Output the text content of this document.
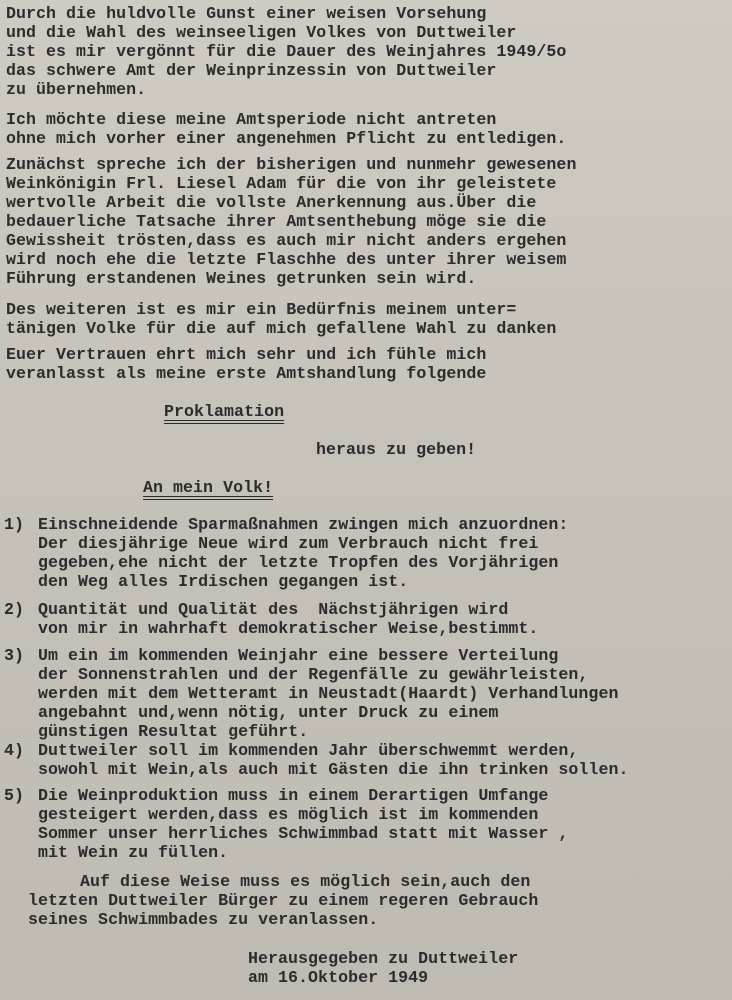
Durch die huldvolle Gunst einer weisen Vorsehung
und die Wahl des weinseeligen Volkes von Duttweiler
ist es mir vergönnt für die Dauer des Weinjahres 1949/5o
das schwere Amt der Weinprinzessin von Duttweiler
zu übernehmen.
Ich möchte diese meine Amtsperiode nicht antreten
ohne mich vorher einer angenehmen Pflicht zu entledigen.
Zunächst spreche ich der bisherigen und nunmehr gewesenen
Weinkönigin Frl. Liesel Adam für die von ihr geleistete
wertvolle Arbeit die vollste Anerkennung aus.Über die
bedauerliche Tatsache ihrer Amtsenthebung möge sie die
Gewissheit trösten,dass es auch mir nicht anders ergehen
wird noch ehe die letzte Flaschhe des unter ihrer weisem
Führung erstandenen Weines getrunken sein wird.
Des weiteren ist es mir ein Bedürfnis meinem unter=
tänigen Volke für die auf mich gefallene Wahl zu danken
Euer Vertrauen ehrt mich sehr und ich fühle mich
veranlasst als meine erste Amtshandlung folgende
Proklamation
heraus zu geben!
An mein Volk!
1) Einschneidende Sparmaßnahmen zwingen mich anzuordnen:
Der diesjährige Neue wird zum Verbrauch nicht frei
gegeben,ehe nicht der letzte Tropfen des Vorjährigen
den Weg alles Irdischen gegangen ist.
2) Quantität und Qualität des  Nächstjährigen wird
von mir in wahrhaft demokratischer Weise,bestimmt.
3) Um ein im kommenden Weinjahr eine bessere Verteilung
der Sonnenstrahlen und der Regenfälle zu gewährleisten,
werden mit dem Wetteramt in Neustadt(Haardt) Verhandlungen
angebahnt und,wenn nötig, unter Druck zu einem
günstigen Resultat geführt.
4) Duttweiler soll im kommenden Jahr überschwemmt werden,
sowohl mit Wein,als auch mit Gästen die ihn trinken sollen.
5) Die Weinproduktion muss in einem Derartigen Umfange
gesteigert werden,dass es möglich ist im kommenden
Sommer unser herrliches Schwimmbad statt mit Wasser ,
mit Wein zu füllen.
Auf diese Weise muss es möglich sein,auch den
letzten Duttweiler Bürger zu einem regeren Gebrauch
seines Schwimmbades zu veranlassen.
Herausgegeben zu Duttweiler
am 16.Oktober 1949
